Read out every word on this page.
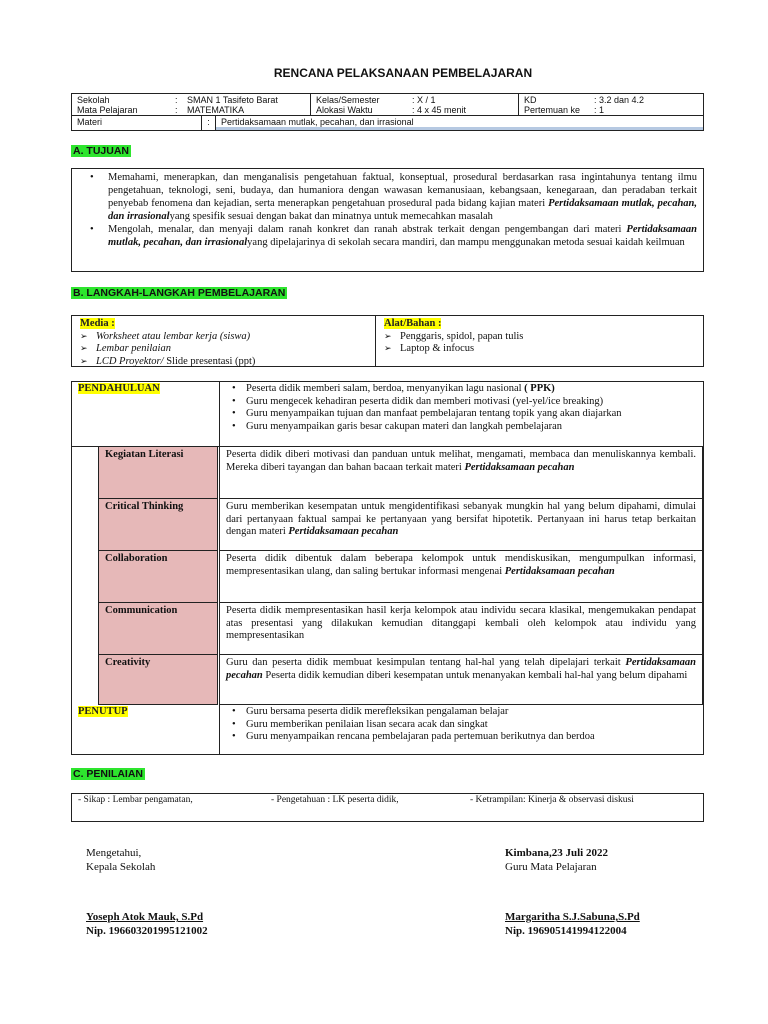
RENCANA PELAKSANAAN PEMBELAJARAN
Sekolah	:	SMAN 1 Tasifeto Barat
Mata Pelajaran	:	MATEMATIKA
Kelas/Semester	: X / 1
Alokasi Waktu	: 4 x 45 menit
KD	: 3.2 dan 4.2
Pertemuan ke	: 1
Materi	:	Pertidaksamaan mutlak, pecahan, dan irrasional
A. TUJUAN
• Memahami, menerapkan, dan menganalisis pengetahuan faktual, konseptual, prosedural berdasarkan rasa ingintahunya tentang ilmu pengetahuan, teknologi, seni, budaya, dan humaniora dengan wawasan kemanusiaan, kebangsaan, kenegaraan, dan peradaban terkait penyebab fenomena dan kejadian, serta menerapkan pengetahuan prosedural pada bidang kajian materi Pertidaksamaan mutlak, pecahan, dan irrasionalyang spesifik sesuai dengan bakat dan minatnya untuk memecahkan masalah
• Mengolah, menalar, dan menyaji dalam ranah konkret dan ranah abstrak terkait dengan pengembangan dari materi Pertidaksamaan mutlak, pecahan, dan irrasionalyang dipelajarinya di sekolah secara mandiri, dan mampu menggunakan metoda sesuai kaidah keilmuan
B. LANGKAH-LANGKAH PEMBELAJARAN
Media :
➢ Worksheet atau lembar kerja (siswa)
➢ Lembar penilaian
➢ LCD Proyektor/ Slide presentasi (ppt)
Alat/Bahan :
➢ Penggaris, spidol, papan tulis
➢ Laptop & infocus
PENDAHULUAN	• Peserta didik memberi salam, berdoa, menyanyikan lagu nasional ( PPK)
• Guru mengecek kehadiran peserta didik dan memberi motivasi (yel-yel/ice breaking)
• Guru menyampaikan tujuan dan manfaat pembelajaran tentang topik yang akan diajarkan
• Guru menyampaikan garis besar cakupan materi dan langkah pembelajaran
Kegiatan Literasi	Peserta didik diberi motivasi dan panduan untuk melihat, mengamati, membaca dan menuliskannya kembali. Mereka diberi tayangan dan bahan bacaan terkait materi Pertidaksamaan pecahan
Critical Thinking	Guru memberikan kesempatan untuk mengidentifikasi sebanyak mungkin hal yang belum dipahami, dimulai dari pertanyaan faktual sampai ke pertanyaan yang bersifat hipotetik. Pertanyaan ini harus tetap berkaitan dengan materi Pertidaksamaan pecahan
Collaboration	Peserta didik dibentuk dalam beberapa kelompok untuk mendiskusikan, mengumpulkan informasi, mempresentasikan ulang, dan saling bertukar informasi mengenai Pertidaksamaan pecahan
Communication	Peserta didik mempresentasikan hasil kerja kelompok atau individu secara klasikal, mengemukakan pendapat atas presentasi yang dilakukan kemudian ditanggapi kembali oleh kelompok atau individu yang mempresentasikan
Creativity	Guru dan peserta didik membuat kesimpulan tentang hal-hal yang telah dipelajari terkait Pertidaksamaan pecahan Peserta didik kemudian diberi kesempatan untuk menanyakan kembali hal-hal yang belum dipahami
PENUTUP	• Guru bersama peserta didik merefleksikan pengalaman belajar
• Guru memberikan penilaian lisan secara acak dan singkat
• Guru menyampaikan rencana pembelajaran pada pertemuan berikutnya dan berdoa
C. PENILAIAN
- Sikap : Lembar pengamatan,	- Pengetahuan : LK peserta didik,	- Ketrampilan: Kinerja & observasi diskusi
Mengetahui,
Kepala Sekolah
Yoseph Atok Mauk, S.Pd
Nip. 196603201995121002
Kimbana,23 Juli 2022
Guru Mata Pelajaran
Margaritha S.J.Sabuna,S.Pd
Nip. 196905141994122004
